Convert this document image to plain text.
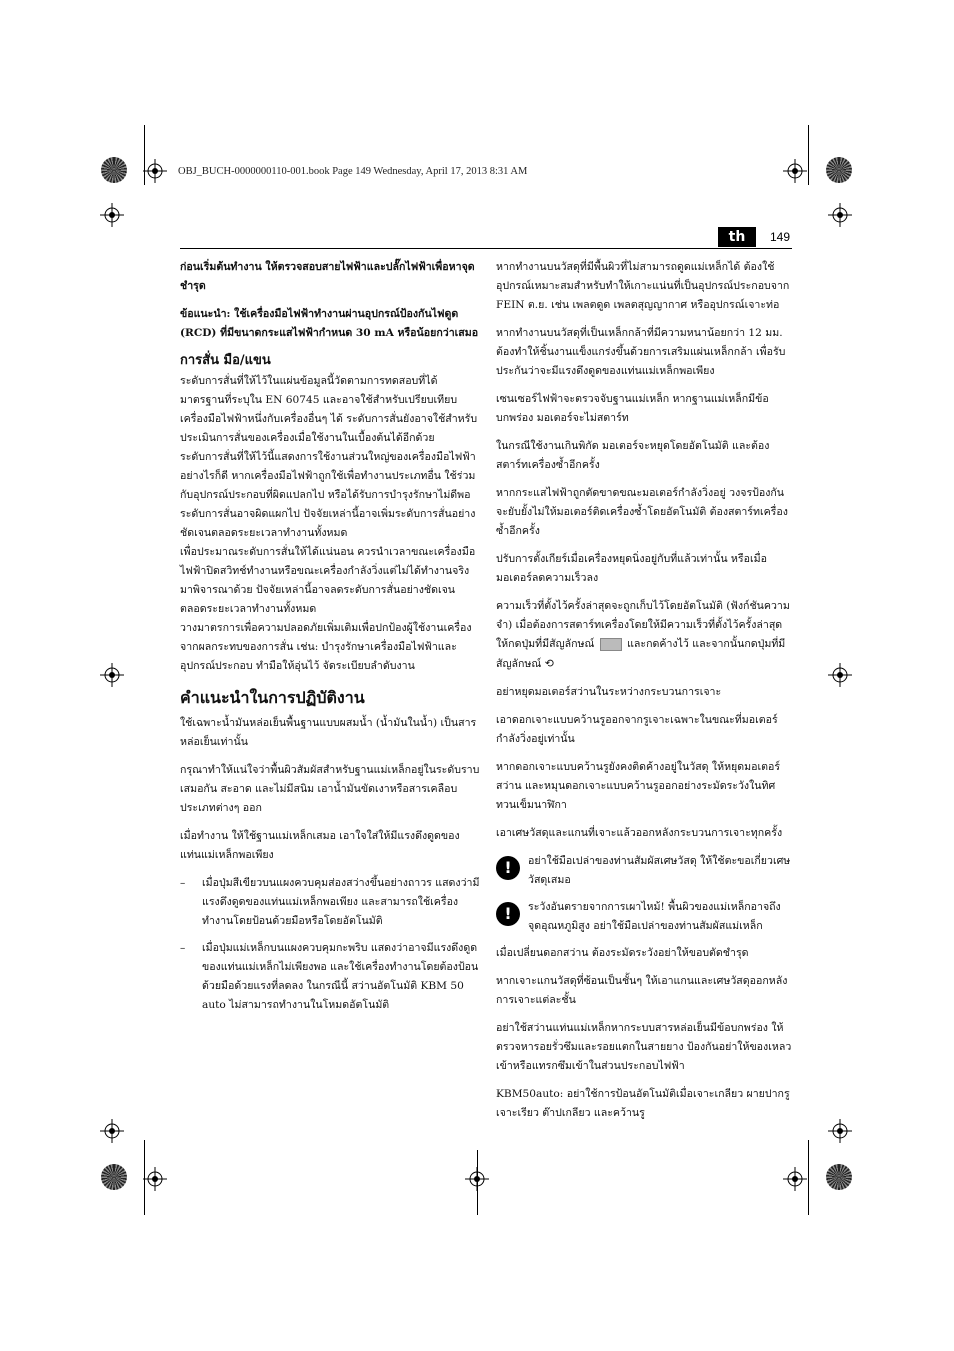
OBJ_BUCH-0000000110-001.book Page 149 Wednesday, April 17, 2013 8:31 AM
th	149

ก่อนเริ่มต้นทำงาน ให้ตรวจสอบสายไฟฟ้าและปลั๊กไฟฟ้าเพื่อหาจุดชำรุด

ข้อแนะนำ: ใช้เครื่องมือไฟฟ้าทำงานผ่านอุปกรณ์ป้องกันไฟดูด (RCD) ที่มีขนาดกระแสไฟฟ้ากำหนด 30 mA หรือน้อยกว่าเสมอ

การสั่น มือ/แขน

ระดับการสั่นที่ให้ไว้ในแผ่นข้อมูลนี้วัดตามการทดสอบที่ได้มาตรฐานที่ระบุใน EN 60745 และอาจใช้สำหรับเปรียบเทียบเครื่องมือไฟฟ้าหนึ่งกับเครื่องอื่นๆ ได้ ระดับการสั่นยังอาจใช้สำหรับประเมินการสั่นของเครื่องเมื่อใช้งานในเบื้องต้นได้อีกด้วย

ระดับการสั่นที่ให้ไว้นี้แสดงการใช้งานส่วนใหญ่ของเครื่องมือไฟฟ้า อย่างไรก็ดี หากเครื่องมือไฟฟ้าถูกใช้เพื่อทำงานประเภทอื่น ใช้ร่วมกับอุปกรณ์ประกอบที่ผิดแปลกไป หรือได้รับการบำรุงรักษาไม่ดีพอ ระดับการสั่นอาจผิดแผกไป ปัจจัยเหล่านี้อาจเพิ่มระดับการสั่นอย่างชัดเจนตลอดระยะเวลาทำงานทั้งหมด

เพื่อประมาณระดับการสั่นให้ได้แน่นอน ควรนำเวลาขณะเครื่องมือไฟฟ้าปิดสวิทช์ทำงานหรือขณะเครื่องกำลังวิ่งแต่ไม่ได้ทำงานจริงมาพิจารณาด้วย ปัจจัยเหล่านี้อาจลดระดับการสั่นอย่างชัดเจนตลอดระยะเวลาทำงานทั้งหมด

วางมาตรการเพื่อความปลอดภัยเพิ่มเติมเพื่อปกป้องผู้ใช้งานเครื่องจากผลกระทบของการสั่น เช่น: บำรุงรักษาเครื่องมือไฟฟ้าและอุปกรณ์ประกอบ ทำมือให้อุ่นไว้ จัดระเบียบลำดับงาน

คำแนะนำในการปฏิบัติงาน

ใช้เฉพาะน้ำมันหล่อเย็นพื้นฐานแบบผสมน้ำ (น้ำมันในน้ำ) เป็นสารหล่อเย็นเท่านั้น

กรุณาทำให้แน่ใจว่าพื้นผิวสัมผัสสำหรับฐานแม่เหล็กอยู่ในระดับราบเสมอกัน สะอาด และไม่มีสนิม เอาน้ำมันขัดเงาหรือสารเคลือบประเภทต่างๆ ออก

เมื่อทำงาน ให้ใช้ฐานแม่เหล็กเสมอ เอาใจใส่ให้มีแรงดึงดูดของแท่นแม่เหล็กพอเพียง

–	เมื่อปุ่มสีเขียวบนแผงควบคุมส่องสว่างขึ้นอย่างถาวร แสดงว่ามีแรงดึงดูดของแท่นแม่เหล็กพอเพียง และสามารถใช้เครื่องทำงานโดยป้อนด้วยมือหรือโดยอัตโนมัติ
–	เมื่อปุ่มแม่เหล็กบนแผงควบคุมกะพริบ แสดงว่าอาจมีแรงดึงดูดของแท่นแม่เหล็กไม่เพียงพอ และใช้เครื่องทำงานโดยต้องป้อนด้วยมือด้วยแรงที่ลดลง ในกรณีนี้ สว่านอัตโนมัติ KBM 50 auto ไม่สามารถทำงานในโหมดอัตโนมัติ

หากทำงานบนวัสดุที่มีพื้นผิวที่ไม่สามารถดูดแม่เหล็กได้ ต้องใช้อุปกรณ์เหมาะสมสำหรับทำให้เกาะแน่นที่เป็นอุปกรณ์ประกอบจาก FEIN ต.ย. เช่น เพลตดูด เพลตสุญญากาศ หรืออุปกรณ์เจาะท่อ

หากทำงานบนวัสดุที่เป็นเหล็กกล้าที่มีความหนาน้อยกว่า 12 มม. ต้องทำให้ชิ้นงานแข็งแกร่งขึ้นด้วยการเสริมแผ่นเหล็กกล้า เพื่อรับประกันว่าจะมีแรงดึงดูดของแท่นแม่เหล็กพอเพียง

เซนเซอร์ไฟฟ้าจะตรวจจับฐานแม่เหล็ก หากฐานแม่เหล็กมีข้อบกพร่อง มอเตอร์จะไม่สตาร์ท

ในกรณีใช้งานเกินพิกัด มอเตอร์จะหยุดโดยอัตโนมัติ และต้องสตาร์ทเครื่องซ้ำอีกครั้ง

หากกระแสไฟฟ้าถูกตัดขาดขณะมอเตอร์กำลังวิ่งอยู่ วงจรป้องกันจะยับยั้งไม่ให้มอเตอร์ติดเครื่องซ้ำโดยอัตโนมัติ ต้องสตาร์ทเครื่องซ้ำอีกครั้ง

ปรับการตั้งเกียร์เมื่อเครื่องหยุดนิ่งอยู่กับที่แล้วเท่านั้น หรือเมื่อมอเตอร์ลดความเร็วลง

ความเร็วที่ตั้งไว้ครั้งล่าสุดจะถูกเก็บไว้โดยอัตโนมัติ (ฟังก์ชันความจำ) เมื่อต้องการสตาร์ทเครื่องโดยให้มีความเร็วที่ตั้งไว้ครั้งล่าสุด ให้กดปุ่มที่มีสัญลักษณ์	และกดค้างไว้ และจากนั้นกดปุ่มที่มีสัญลักษณ์ ⟲

อย่าหยุดมอเตอร์สว่านในระหว่างกระบวนการเจาะ

เอาดอกเจาะแบบคว้านรูออกจากรูเจาะเฉพาะในขณะที่มอเตอร์กำลังวิ่งอยู่เท่านั้น

หากดอกเจาะแบบคว้านรูยังคงติดค้างอยู่ในวัสดุ ให้หยุดมอเตอร์สว่าน และหมุนดอกเจาะแบบคว้านรูออกอย่างระมัดระวังในทิศทวนเข็มนาฬิกา

เอาเศษวัสดุและแกนที่เจาะแล้วออกหลังกระบวนการเจาะทุกครั้ง

!	อย่าใช้มือเปล่าของท่านสัมผัสเศษวัสดุ ให้ใช้ตะขอเกี่ยวเศษวัสดุเสมอ
!	ระวังอันตรายจากการเผาไหม้! พื้นผิวของแม่เหล็กอาจถึงจุดอุณหภูมิสูง อย่าใช้มือเปล่าของท่านสัมผัสแม่เหล็ก

เมื่อเปลี่ยนดอกสว่าน ต้องระมัดระวังอย่าให้ขอบตัดชำรุด

หากเจาะแกนวัสดุที่ซ้อนเป็นชั้นๆ ให้เอาแกนและเศษวัสดุออกหลังการเจาะแต่ละชั้น

อย่าใช้สว่านแท่นแม่เหล็กหากระบบสารหล่อเย็นมีข้อบกพร่อง ให้ตรวจหารอยรั่วซึมและรอยแตกในสายยาง ป้องกันอย่าให้ของเหลวเข้าหรือแทรกซึมเข้าในส่วนประกอบไฟฟ้า

KBM50auto: อย่าใช้การป้อนอัตโนมัติเมื่อเจาะเกลียว ผายปากรูเจาะเรียว ต๊าปเกลียว และคว้านรู
